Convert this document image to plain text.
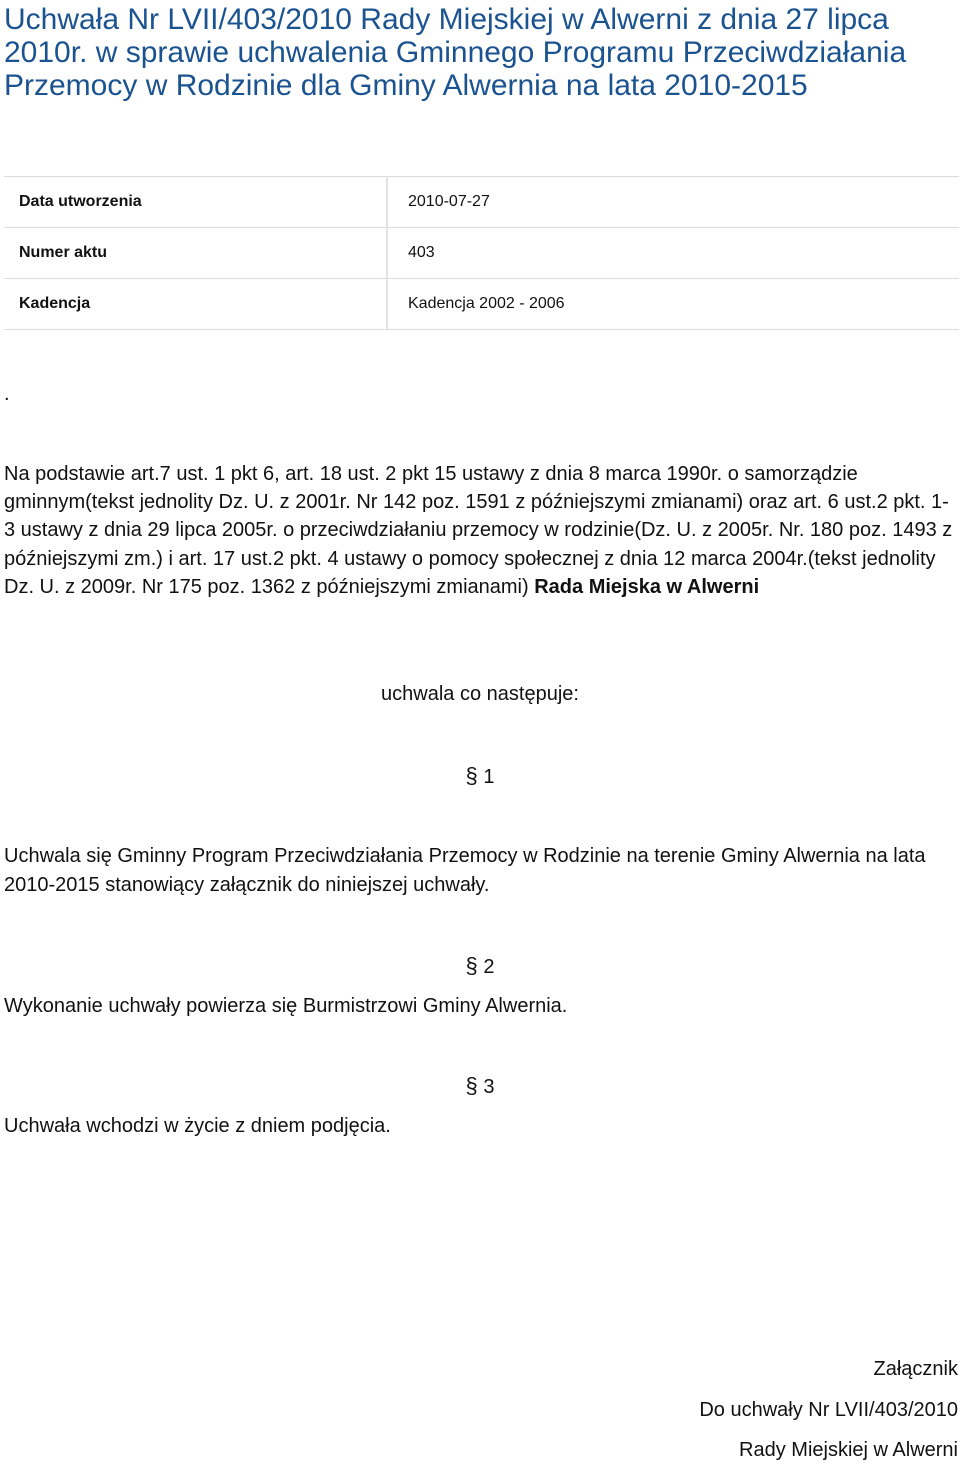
Uchwała Nr LVII/403/2010 Rady Miejskiej w Alwerni z dnia 27 lipca 2010r. w sprawie uchwalenia Gminnego Programu Przeciwdziałania Przemocy w Rodzinie dla Gminy Alwernia na lata 2010-2015
Data utworzenia	2010-07-27
Numer aktu	403
Kadencja	Kadencja 2002 - 2006
.

Na podstawie art.7 ust. 1 pkt 6, art. 18 ust. 2 pkt 15 ustawy z dnia 8 marca 1990r. o samorządzie gminnym(tekst jednolity Dz. U. z 2001r. Nr 142 poz. 1591 z późniejszymi zmianami) oraz art. 6 ust.2 pkt. 1-3 ustawy z dnia 29 lipca 2005r. o przeciwdziałaniu przemocy w rodzinie(Dz. U. z 2005r. Nr. 180 poz. 1493 z późniejszymi zm.) i art. 17 ust.2 pkt. 4 ustawy o pomocy społecznej z dnia 12 marca 2004r.(tekst jednolity Dz. U. z 2009r. Nr 175 poz. 1362 z późniejszymi zmianami) Rada Miejska w Alwerni

uchwala co następuje:

§ 1

Uchwala się Gminny Program Przeciwdziałania Przemocy w Rodzinie na terenie Gminy Alwernia na lata 2010-2015 stanowiący załącznik do niniejszej uchwały.

§ 2

Wykonanie uchwały powierza się Burmistrzowi Gminy Alwernia.

§ 3

Uchwała wchodzi w życie z dniem podjęcia.

Załącznik

Do uchwały Nr LVII/403/2010

Rady Miejskiej w Alwerni
